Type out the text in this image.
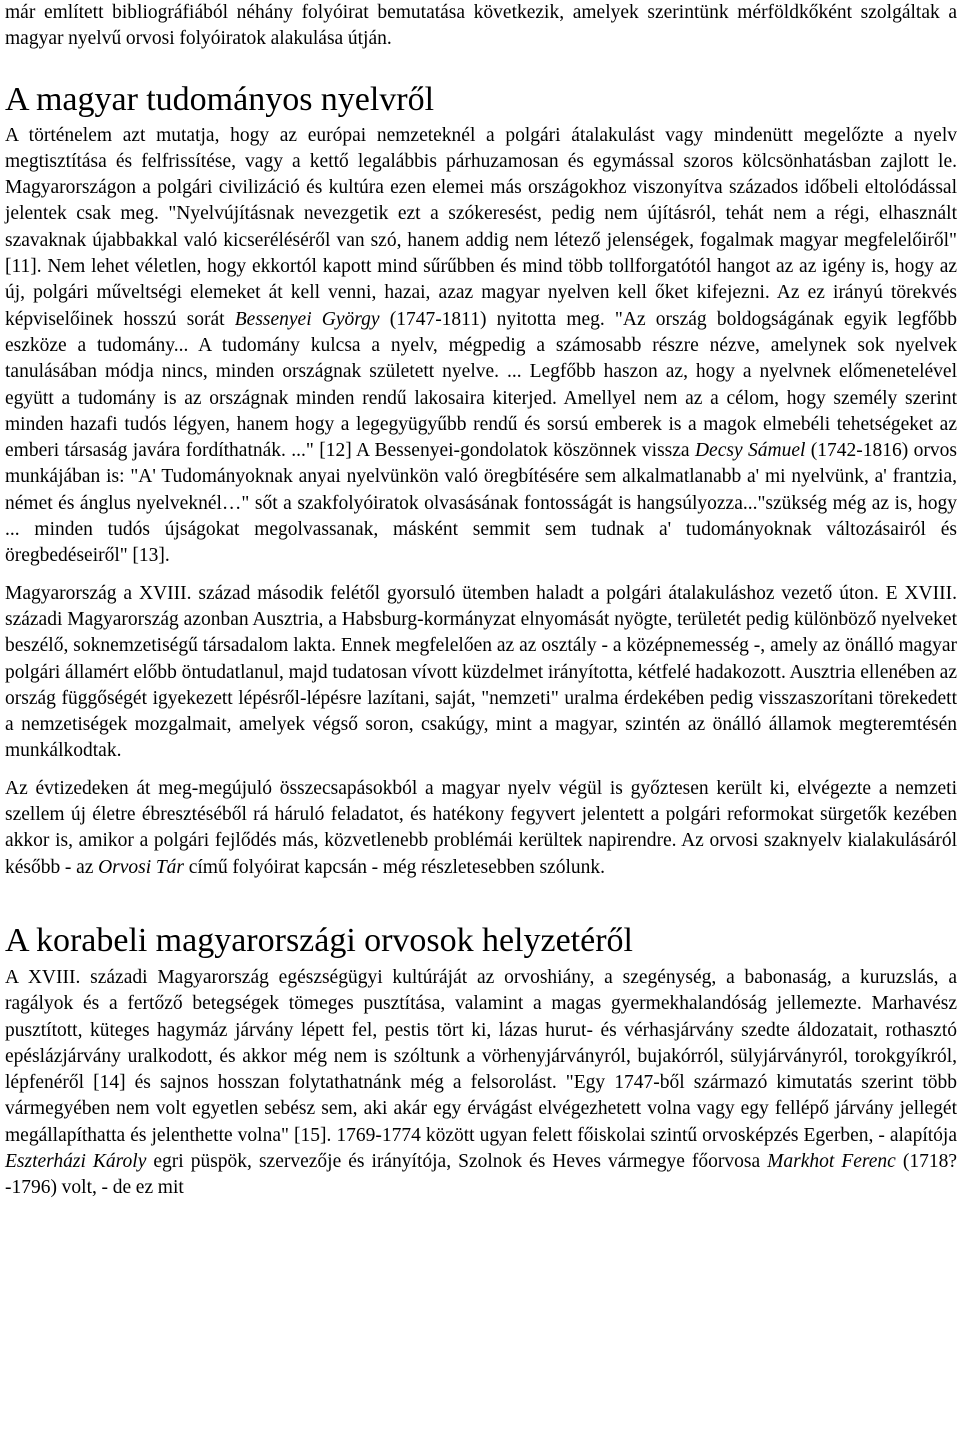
már említett bibliográfiából néhány folyóirat bemutatása következik, amelyek szerintünk mérföldkőként szolgáltak a magyar nyelvű orvosi folyóiratok alakulása útján.

A magyar tudományos nyelvről

A történelem azt mutatja, hogy az európai nemzeteknél a polgári átalakulást vagy mindenütt megelőzte a nyelv megtisztítása és felfrissítése, vagy a kettő legalábbis párhuzamosan és egymással szoros kölcsönhatásban zajlott le. Magyarországon a polgári civilizáció és kultúra ezen elemei más országokhoz viszonyítva százados időbeli eltolódással jelentek csak meg. "Nyelvújításnak nevezgetik ezt a szókeresést, pedig nem újításról, tehát nem a régi, elhasznált szavaknak újabbakkal való kicseréléséről van szó, hanem addig nem létező jelenségek, fogalmak magyar megfelelőiről" [11]. Nem lehet véletlen, hogy ekkortól kapott mind sűrűbben és mind több tollforgatótól hangot az az igény is, hogy az új, polgári műveltségi elemeket át kell venni, hazai, azaz magyar nyelven kell őket kifejezni. Az ez irányú törekvés képviselőinek hosszú sorát Bessenyei György (1747-1811) nyitotta meg. "Az ország boldogságának egyik legfőbb eszköze a tudomány... A tudomány kulcsa a nyelv, mégpedig a számosabb részre nézve, amelynek sok nyelvek tanulásában módja nincs, minden országnak született nyelve. ... Legfőbb haszon az, hogy a nyelvnek előmenetelével együtt a tudomány is az országnak minden rendű lakosaira kiterjed. Amellyel nem az a célom, hogy személy szerint minden hazafi tudós légyen, hanem hogy a legegyügyűbb rendű és sorsú emberek is a magok elmebéli tehetségeket az emberi társaság javára fordíthatnák. ..." [12] A Bessenyei-gondolatok köszönnek vissza Decsy Sámuel (1742-1816) orvos munkájában is: "A' Tudományoknak anyai nyelvünkön való öregbítésére sem alkalmatlanabb a' mi nyelvünk, a' frantzia, német és ánglus nyelveknél…" sőt a szakfolyóiratok olvasásának fontosságát is hangsúlyozza..."szükség még az is, hogy ... minden tudós újságokat megolvassanak, másként semmit sem tudnak a' tudományoknak változásairól és öregbedéseiről" [13].

Magyarország a XVIII. század második felétől gyorsuló ütemben haladt a polgári átalakuláshoz vezető úton. E XVIII. századi Magyarország azonban Ausztria, a Habsburg-kormányzat elnyomását nyögte, területét pedig különböző nyelveket beszélő, soknemzetiségű társadalom lakta. Ennek megfelelően az az osztály - a középnemesség -, amely az önálló magyar polgári államért előbb öntudatlanul, majd tudatosan vívott küzdelmet irányította, kétfelé hadakozott. Ausztria ellenében az ország függőségét igyekezett lépésről-lépésre lazítani, saját, "nemzeti" uralma érdekében pedig visszaszorítani törekedett a nemzetiségek mozgalmait, amelyek végső soron, csakúgy, mint a magyar, szintén az önálló államok megteremtésén munkálkodtak.

Az évtizedeken át meg-megújuló összecsapásokból a magyar nyelv végül is győztesen került ki, elvégezte a nemzeti szellem új életre ébresztéséből rá háruló feladatot, és hatékony fegyvert jelentett a polgári reformokat sürgetők kezében akkor is, amikor a polgári fejlődés más, közvetlenebb problémái kerültek napirendre. Az orvosi szaknyelv kialakulásáról később - az Orvosi Tár című folyóirat kapcsán - még részletesebben szólunk.

A korabeli magyarországi orvosok helyzetéről

A XVIII. századi Magyarország egészségügyi kultúráját az orvoshiány, a szegénység, a babonaság, a kuruzslás, a ragályok és a fertőző betegségek tömeges pusztítása, valamint a magas gyermekhalandóság jellemezte. Marhavész pusztított, küteges hagymáz járvány lépett fel, pestis tört ki, lázas hurut- és vérhasjárvány szedte áldozatait, rothasztó epéslázjárvány uralkodott, és akkor még nem is szóltunk a vörhenyjárványról, bujakórról, sülyjárványról, torokgyíkról, lépfenéről [14] és sajnos hosszan folytathatnánk még a felsorolást. "Egy 1747-ből származó kimutatás szerint több vármegyében nem volt egyetlen sebész sem, aki akár egy érvágást elvégezhetett volna vagy egy fellépő járvány jellegét megállapíthatta és jelenthette volna" [15]. 1769-1774 között ugyan felett főiskolai szintű orvosképzés Egerben, - alapítója Eszterházi Károly egri püspök, szervezője és irányítója, Szolnok és Heves vármegye főorvosa Markhot Ferenc (1718?-1796) volt, - de ez mit
